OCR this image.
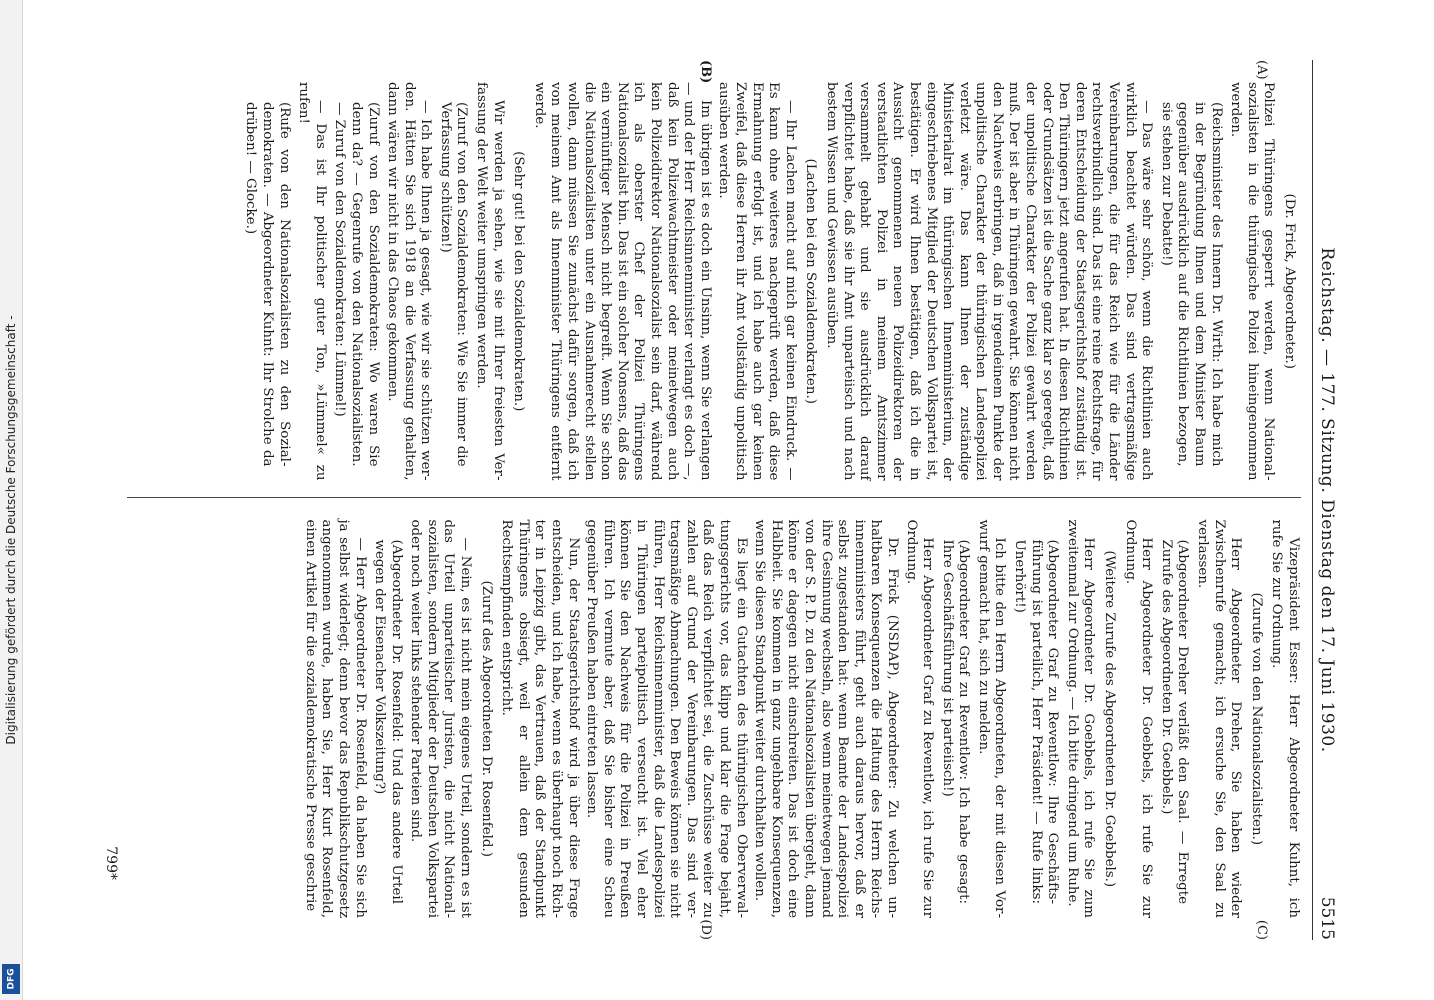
Digitalisierung gefördert durch die Deutsche Forschungsgemeinschaft -
DFG
Reichstag. — 177. Sitzung. Dienstag den 17. Juni 1930.
5515
(A)
(B)

(Dr. Frick, Abgeordneter.)

Polizei Thüringens gesperrt werden, wenn Nationalsozialisten in die thüringische Polizei hineingenommen werden.

(Reichsminister des Innern Dr. Wirth: Ich habe mich in der Begründung Ihnen und dem Minister Baum gegenüber ausdrücklich auf die Richtlinien bezogen, sie stehen zur Debatte!)

— Das wäre sehr schön, wenn die Richtlinien auch wirklich beachtet würden. Das sind vertragsmäßige Vereinbarungen, die für das Reich wie für die Länder rechtsverbindlich sind. Das ist eine reine Rechtsfrage, für deren Entscheidung der Staatsgerichtshof zuständig ist. Den Thüringern jetzt angerufen hat. In diesen Richtlinien oder Grundsätzen ist die Sache ganz klar so geregelt, daß der unpolitische Charakter der Polizei gewahrt werden muß. Der ist aber in Thüringen gewahrt. Sie können nicht den Nachweis erbringen, daß in irgendeinem Punkte der unpolitische Charakter der thüringischen Landespolizei verletzt wäre. Das kann Ihnen der zuständige Ministerialrat im thüringischen Innenministerium, der eingeschriebenes Mitglied der Deutschen Volkspartei ist, bestätigen. Er wird Ihnen bestätigen, daß ich die in Aussicht genommenen neuen Polizeidirektoren der verstaatlichten Polizei in meinem Amtszimmer versammelt gehabt und sie ausdrücklich darauf verpflichtet habe, daß sie ihr Amt unparteiisch und nach bestem Wissen und Gewissen ausüben.

(Lachen bei den Sozialdemokraten.)

— Ihr Lachen macht auf mich gar keinen Eindruck. — Es kann ohne weiteres nachgeprüft werden, daß diese Ermahnung erfolgt ist, und ich habe auch gar keinen Zweifel, daß diese Herren ihr Amt vollständig unpolitisch ausüben werden.

Im übrigen ist es doch ein Unsinn, wenn Sie verlangen — und der Herr Reichsinnenminister verlangt es doch —, daß kein Polizeiwachtmeister oder meinetwegen auch kein Polizeidirektor Nationalsozialist sein darf, während ich als oberster Chef der Polizei Thüringens Nationalsozialist bin. Das ist ein solcher Nonsens, daß das ein vernünftiger Mensch nicht begreift. Wenn Sie schon die Nationalsozialisten unter ein Ausnahmerecht stellen wollen, dann müssen Sie zunächst dafür sorgen, daß ich von meinem Amt als Innenminister Thüringens entfernt werde.

(Sehr gut! bei den Sozialdemokraten.)

Wir werden ja sehen, wie sie mit Ihrer freiesten Verfassung der Welt weiter umspringen werden.

(Zuruf von den Sozialdemokraten: Wie Sie immer die Verfassung schützen!)

— Ich habe Ihnen ja gesagt, wie wir sie schützen werden. Hätten Sie sich 1918 an die Verfassung gehalten, dann wären wir nicht in das Chaos gekommen.

(Zuruf von den Sozialdemokraten: Wo waren Sie denn da? — Gegenrufe von den Nationalsozialisten. — Zuruf von den Sozialdemokraten: Lümmel!)

— Das ist Ihr politischer guter Ton, »Lümmel« zu rufen!

(Rufe von den Nationalsozialisten zu den Sozialdemokraten. — Abgeordneter Kuhnt: Ihr Strolche da drüben! — Glocke.)

(C)
(D)

Vizepräsident Esser: Herr Abgeordneter Kuhnt, ich rufe Sie zur Ordnung.

(Zurufe von den Nationalsozialisten.)

Herr Abgeordneter Dreher, Sie haben wieder Zwischenrufe gemacht; ich ersuche Sie, den Saal zu verlassen.

(Abgeordneter Dreher verläßt den Saal. — Erregte Zurufe des Abgeordneten Dr. Goebbels.)

Herr Abgeordneter Dr. Goebbels, ich rufe Sie zur Ordnung.

(Weitere Zurufe des Abgeordneten Dr. Goebbels.)

Herr Abgeordneter Dr. Goebbels, ich rufe Sie zum zweitenmal zur Ordnung. — Ich bitte dringend um Ruhe.

(Abgeordneter Graf zu Reventlow: Ihre Geschäftsführung ist parteilich, Herr Präsident! — Rufe links: Unerhört!)

Ich bitte den Herrn Abgeordneten, der mit diesen Vorwurf gemacht hat, sich zu melden.

(Abgeordneter Graf zu Reventlow: Ich habe gesagt: Ihre Geschäftsführung ist parteiisch!)

Herr Abgeordneter Graf zu Reventlow, ich rufe Sie zur Ordnung.

Dr. Frick (NSDAP), Abgeordneter: Zu welchen unhaltbaren Konsequenzen die Haltung des Herrn Reichsinnenministers führt, geht auch daraus hervor, daß er selbst zugestanden hat: wenn Beamte der Landespolizei ihre Gesinnung wechseln, also wenn meinetwegen jemand von der S. P. D. zu den Nationalsozialisten übergeht, dann könne er dagegen nicht einschreiten. Das ist doch eine Halbheit. Sie kommen in ganz ungehbare Konsequenzen, wenn Sie diesen Standpunkt weiter durchhalten wollen.

Es liegt ein Gutachten des thüringischen Oberverwaltungsgerichts vor, das klipp und klar die Frage bejaht, daß das Reich verpflichtet sei, die Zuschüsse weiter zu zahlen auf Grund der Vereinbarungen. Das sind vertragsmäßige Abmachungen. Den Beweis können sie nicht führen, Herr Reichsinnenminister, daß die Landespolizei in Thüringen parteipolitisch verseucht ist. Viel eher können Sie den Nachweis für die Polizei in Preußen führen. Ich vermute aber, daß Sie bisher eine Scheu gegenüber Preußen haben eintreten lassen.

Nun, der Staatsgerichtshof wird ja über diese Frage entscheiden, und ich habe, wenn es überhaupt noch Richter in Leipzig gibt, das Vertrauen, daß der Standpunkt Thüringens obsiegt, weil er allein dem gesunden Rechtsempfinden entspricht.

(Zuruf des Abgeordneten Dr. Rosenfeld.)

— Nein, es ist nicht mein eigenes Urteil, sondern es ist das Urteil unparteiischer Juristen, die nicht Nationalsozialisten, sondern Mitglieder der Deutschen Volkspartei oder noch weiter links stehender Parteien sind.

(Abgeordneter Dr. Rosenfeld: Und das andere Urteil wegen der Eisenacher Volkszeitung?)

— Herr Abgeordneter Dr. Rosenfeld, da haben Sie sich ja selbst widerlegt; denn bevor das Republikschutzgesetz angenommen wurde, haben Sie, Herr Kurt Rosenfeld, einen Artikel für die sozialdemokratische Presse geschrie

799*
